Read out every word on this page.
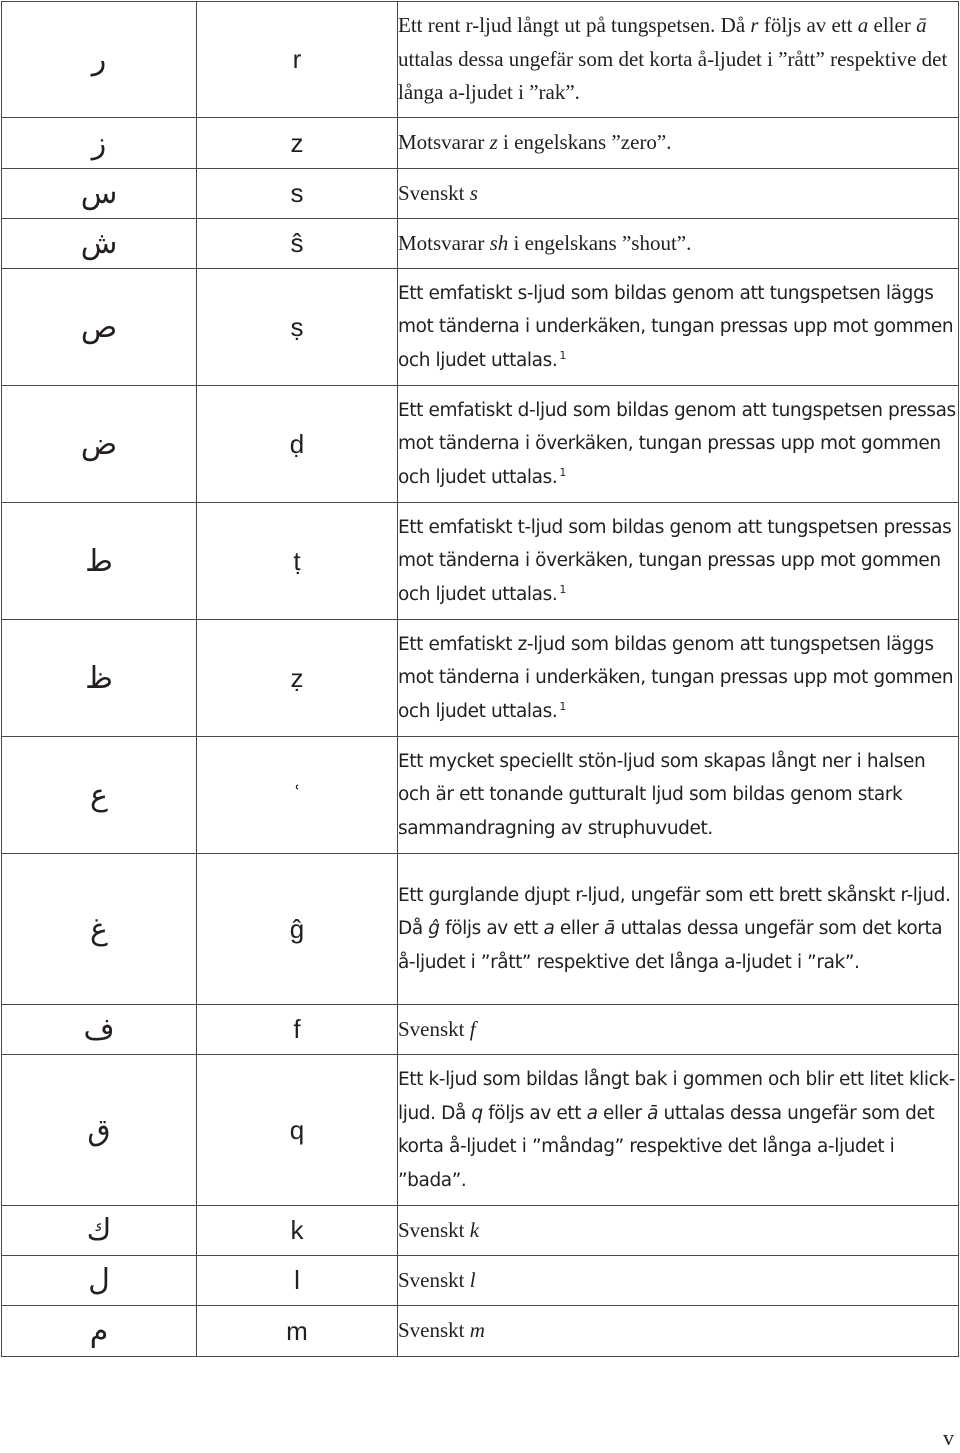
ر	r	Ett rent r-ljud långt ut på tungspetsen. Då r följs av ett a eller ā uttalas dessa ungefär som det korta å-ljudet i ”rått” respektive det långa a-ljudet i ”rak”.

ز	z	Motsvarar z i engelskans ”zero”.

س	s	Svenskt s

ش	ŝ	Motsvarar sh i engelskans ”shout”.

ص	ṣ	Ett emfatiskt s-ljud som bildas genom att tungspetsen läggs mot tänderna i underkäken, tungan pressas upp mot gommen och ljudet uttalas. $^1$

ض	ḍ	Ett emfatiskt d-ljud som bildas genom att tungspetsen pressas mot tänderna i överkäken, tungan pressas upp mot gommen och ljudet uttalas. $^1$

ط	ṭ	Ett emfatiskt t-ljud som bildas genom att tungspetsen pressas mot tänderna i överkäken, tungan pressas upp mot gommen och ljudet uttalas. $^1$

ظ	ẓ	Ett emfatiskt z-ljud som bildas genom att tungspetsen läggs mot tänderna i underkäken, tungan pressas upp mot gommen och ljudet uttalas. $^1$

ع	ʿ	Ett mycket speciellt stön-ljud som skapas långt ner i halsen och är ett tonande gutturalt ljud som bildas genom stark sammandragning av struphuvudet.

غ	ĝ	Ett gurglande djupt r-ljud, ungefär som ett brett skånskt r-ljud. Då ĝ följs av ett a eller ā uttalas dessa ungefär som det korta å-ljudet i ”rått” respektive det långa a-ljudet i ”rak”.

ف	f	Svenskt f

ق	q	Ett k-ljud som bildas långt bak i gommen och blir ett litet klick-ljud. Då q följs av ett a eller ā uttalas dessa ungefär som det korta å-ljudet i ”måndag” respektive det långa a-ljudet i ”bada”.

ك	k	Svenskt k

ل	l	Svenskt l

م	m	Svenskt m

v
